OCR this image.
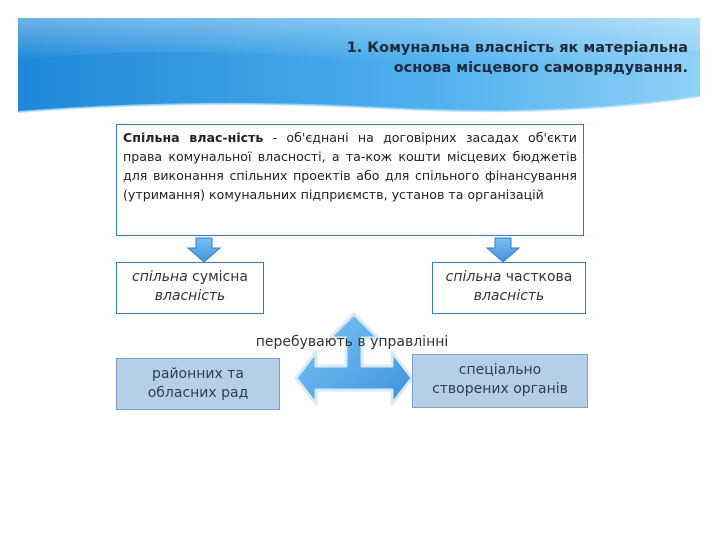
1. Комунальна власність як матеріальна
основа місцевого самоврядування.
Спільна влас-ність - об'єднані на договірних засадах об'єкти права комунальної власності, а та-кож кошти місцевих бюджетів для виконання спільних проектів або для спільного фінансування (утримання) комунальних підприємств, установ та організацій
спільна сумісна
власність
спільна часткова
власність
перебувають в управлінні
районних та
обласних рад
спеціально
створених органів
